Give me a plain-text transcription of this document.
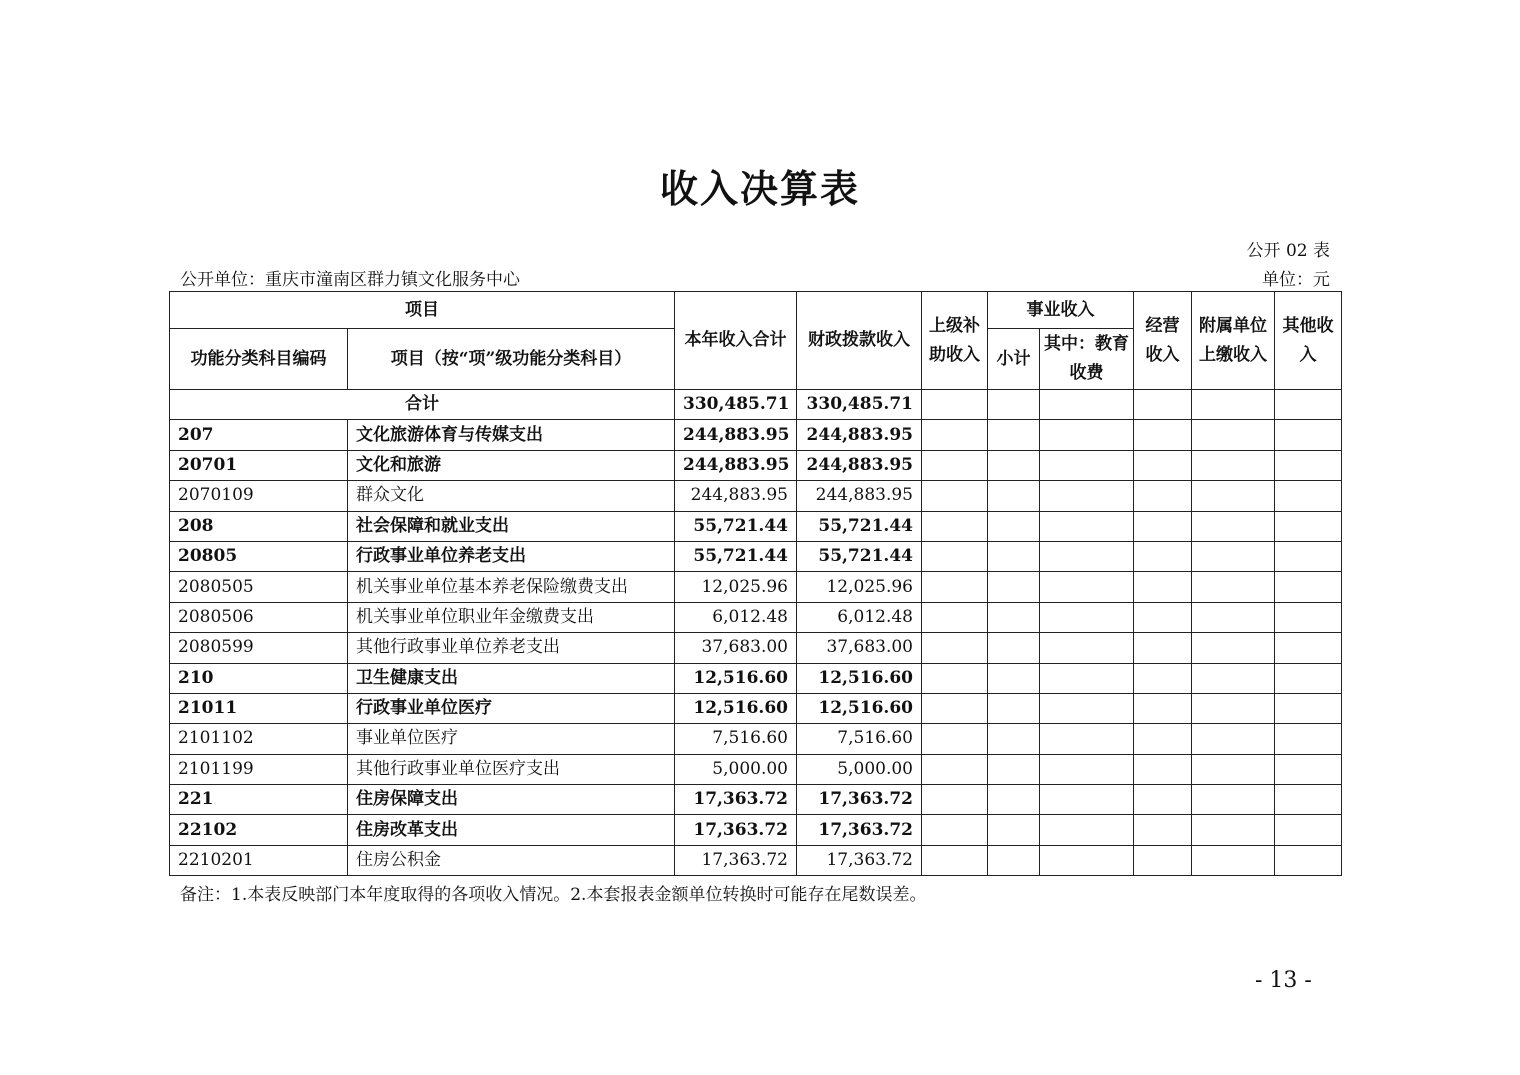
收入决算表
公开 02 表
公开单位：重庆市潼南区群力镇文化服务中心	单位：元
项目		本年收入合计	财政拨款收入	上级补助收入	事业收入		经营收入	附属单位上缴收入	其他收入
功能分类科目编码	项目（按“项”级功能分类科目）				小计	其中：教育收费			
合计		330,485.71	330,485.71						
207	文化旅游体育与传媒支出	244,883.95	244,883.95						
20701	文化和旅游	244,883.95	244,883.95						
2070109	群众文化	244,883.95	244,883.95						
208	社会保障和就业支出	55,721.44	55,721.44						
20805	行政事业单位养老支出	55,721.44	55,721.44						
2080505	机关事业单位基本养老保险缴费支出	12,025.96	12,025.96						
2080506	机关事业单位职业年金缴费支出	6,012.48	6,012.48						
2080599	其他行政事业单位养老支出	37,683.00	37,683.00						
210	卫生健康支出	12,516.60	12,516.60						
21011	行政事业单位医疗	12,516.60	12,516.60						
2101102	事业单位医疗	7,516.60	7,516.60						
2101199	其他行政事业单位医疗支出	5,000.00	5,000.00						
221	住房保障支出	17,363.72	17,363.72						
22102	住房改革支出	17,363.72	17,363.72						
2210201	住房公积金	17,363.72	17,363.72						
备注：1.本表反映部门本年度取得的各项收入情况。2.本套报表金额单位转换时可能存在尾数误差。
- 13 -
